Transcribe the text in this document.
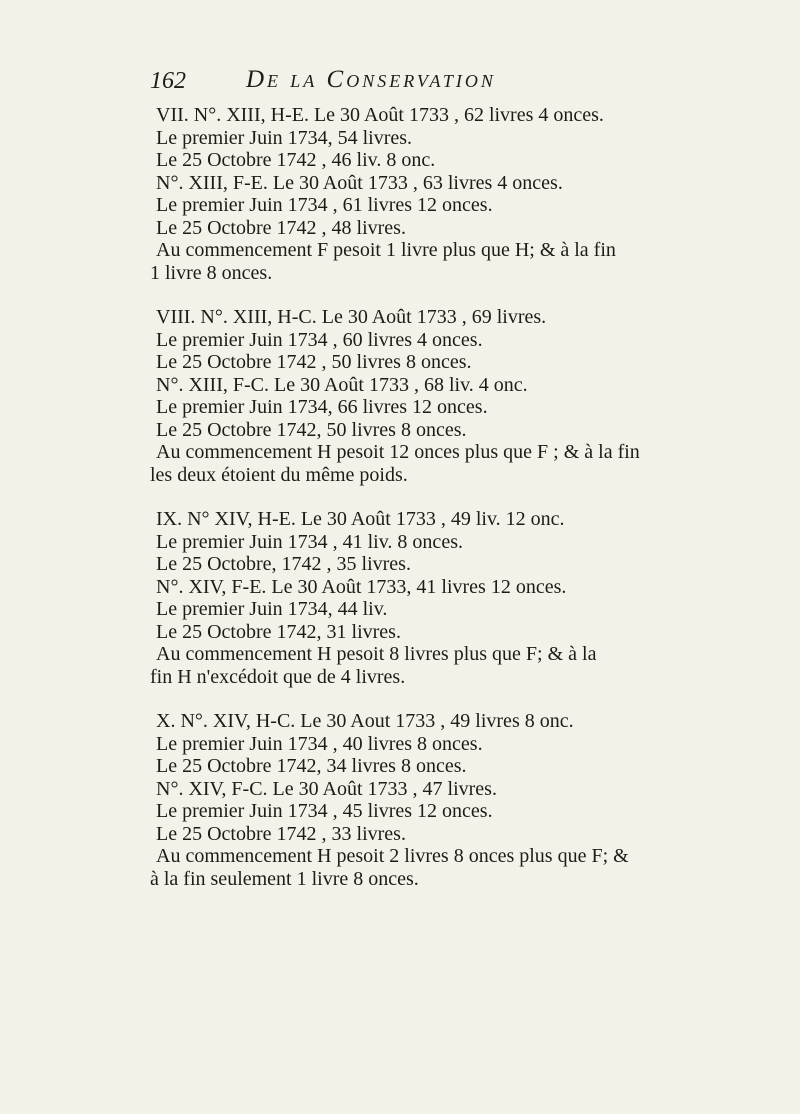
162 De la Conservation
VII. N°. XIII, H-E. Le 30 Août 1733 , 62 livres 4 onces.
Le premier Juin 1734, 54 livres.
Le 25 Octobre 1742 , 46 liv. 8 onc.
N°. XIII, F-E. Le 30 Août 1733 , 63 livres 4 onces.
Le premier Juin 1734 , 61 livres 12 onces.
Le 25 Octobre 1742 , 48 livres.
Au commencement F pesoit 1 livre plus que H; & à la fin
1 livre 8 onces.
VIII. N°. XIII, H-C. Le 30 Août 1733 , 69 livres.
Le premier Juin 1734 , 60 livres 4 onces.
Le 25 Octobre 1742 , 50 livres 8 onces.
N°. XIII, F-C. Le 30 Août 1733 , 68 liv. 4 onc.
Le premier Juin 1734, 66 livres 12 onces.
Le 25 Octobre 1742, 50 livres 8 onces.
Au commencement H pesoit 12 onces plus que F ; & à la fin
les deux étoient du même poids.
IX. N° XIV, H-E. Le 30 Août 1733 , 49 liv. 12 onc.
Le premier Juin 1734 , 41 liv. 8 onces.
Le 25 Octobre, 1742 , 35 livres.
N°. XIV, F-E. Le 30 Août 1733, 41 livres 12 onces.
Le premier Juin 1734, 44 liv.
Le 25 Octobre 1742, 31 livres.
Au commencement H pesoit 8 livres plus que F; & à la
fin H n'excédoit que de 4 livres.
X. N°. XIV, H-C. Le 30 Aout 1733 , 49 livres 8 onc.
Le premier Juin 1734 , 40 livres 8 onces.
Le 25 Octobre 1742, 34 livres 8 onces.
N°. XIV, F-C. Le 30 Août 1733 , 47 livres.
Le premier Juin 1734 , 45 livres 12 onces.
Le 25 Octobre 1742 , 33 livres.
Au commencement H pesoit 2 livres 8 onces plus que F; &
à la fin seulement 1 livre 8 onces.
